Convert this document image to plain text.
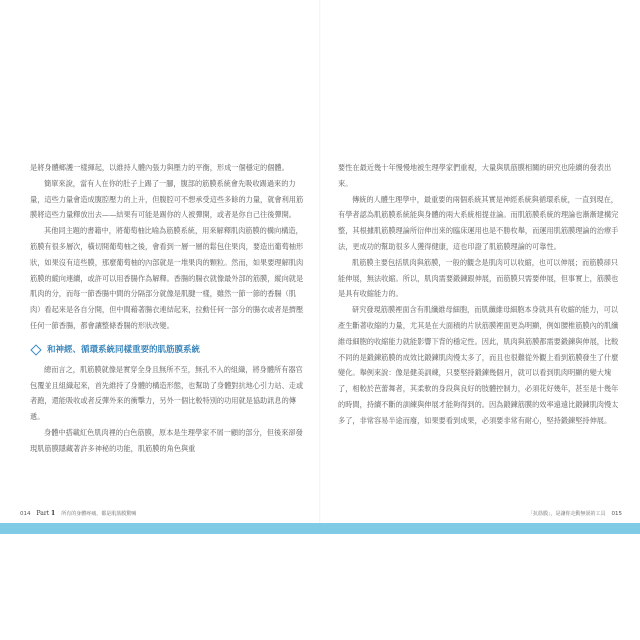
是將身體鄉護一樣揮起，以維持人體內張力與壓力的平衡，形成一個穩定的個體。

簡單來說，當有人在你的肚子上踢了一腳，腹部的筋膜系統會先吸收踢過來的力量，這些力量會造成腹腔壓力的上升，但腹腔可不想承受這些多餘的力量，就會利用筋膜將這些力量釋放出去——結果有可能是踢你的人被彈開，或者是你自己往後彈開。

其他同主題的書籍中，將葡萄柚比喻為筋膜系統，用來解釋肌肉筋膜的構向構造，筋膜有很多層次，橫切開葡萄柚之後，會看到一層一層的鬆包住果肉，要造出葡萄柚形狀，如果沒有這些膜，那麼葡萄柚的內部就是一堆果肉的顆粒。然而，如果要理解肌肉筋膜的縱向連續，或許可以用香腸作為解釋。香腸的腸衣就像最外部的筋膜，縱向就是肌肉的分，而每一節香腸中間的分隔部分就像是肌腱一樣，雖然一節一節的香腸（肌肉）看起來是各自分開，但中間藉著腸衣連結起來，拉動任何一部分的腸衣或者是擠壓任何一節香腸，都會讓整條香腸的形狀改變。

和神經、循環系統同樣重要的肌筋膜系統

總而言之，肌筋膜就像是實穿全身且無所不至，無孔不入的組織，將身體所有器官包覆並且組織起來，首先維持了身體的構造形態，也幫助了身體對抗地心引力站、走或者跑，還能吸收或者反彈外來的衝擊力，另外一個比較特別的功用就是協助訊息的傳遞。

身體中搭載紅色肌肉裡的白色筋膜，原本是生理學家不屑一顧的部分，但後來卻發現肌筋膜隱藏著許多神秘的功能，肌筋膜的角色與重

014 Part 1 所有的身體疼痛，都是肌筋膜驚喊

要性在最近幾十年慢慢地被生理學家們重視，大量與肌筋膜相關的研究也陸續的發表出來。

傳統的人體生理學中，最重要的兩個系統其實是神經系統與循環系統，一直到現在，有學者認為肌筋膜系統能與身體的兩大系統相提並論。而肌筋膜系統的理論也漸漸建構完整，其根據肌筋膜理論所衍伸出來的臨床運用也是不勝枚舉，而運用肌筋膜理論的治療手法，更成功的幫助很多人獲得健康，這也印證了肌筋膜理論的可靠性。

肌筋膜主要包括肌肉與筋膜，一般的觀念是肌肉可以收縮，也可以伸展；而筋膜卻只能伸展，無法收縮。所以，肌肉需要鍛鍊跟伸展，而筋膜只需要伸展，但事實上，筋膜也是具有收縮能力的。

研究發現筋膜裡面含有肌纖維母細胞，而肌纖維母細胞本身就具有收縮的能力，可以產生斷著收縮的力量，尤其是在大面積的片狀筋膜裡面更為明顯，例如腰椎筋膜內的肌纖維母細胞的收縮能力就能影響下背的穩定性。因此，肌肉與筋膜都需要鍛鍊與伸展，比較不同的是鍛鍊筋膜的成效比鍛鍊肌肉慢太多了，而且也很難從外觀上看到筋膜發生了什麼變化。舉例來說：像是健美訓練，只要堅持鍛鍊幾個月，就可以看到肌肉明顯的變大塊了，相較於芭蕾舞者，其柔軟的身段與良好的肢體控制力，必須花好幾年，甚至是十幾年的時間，持續不斷的訓練與伸展才能夠得到的。因為鍛鍊筋膜的效率遠遠比鍛鍊肌肉慢太多了，非常容易半途而廢，如果要看到成果，必須要非常有耐心，堅持鍛鍊堅持伸展。

「抗筋膜」，是讓你走動無誤的工具 015
